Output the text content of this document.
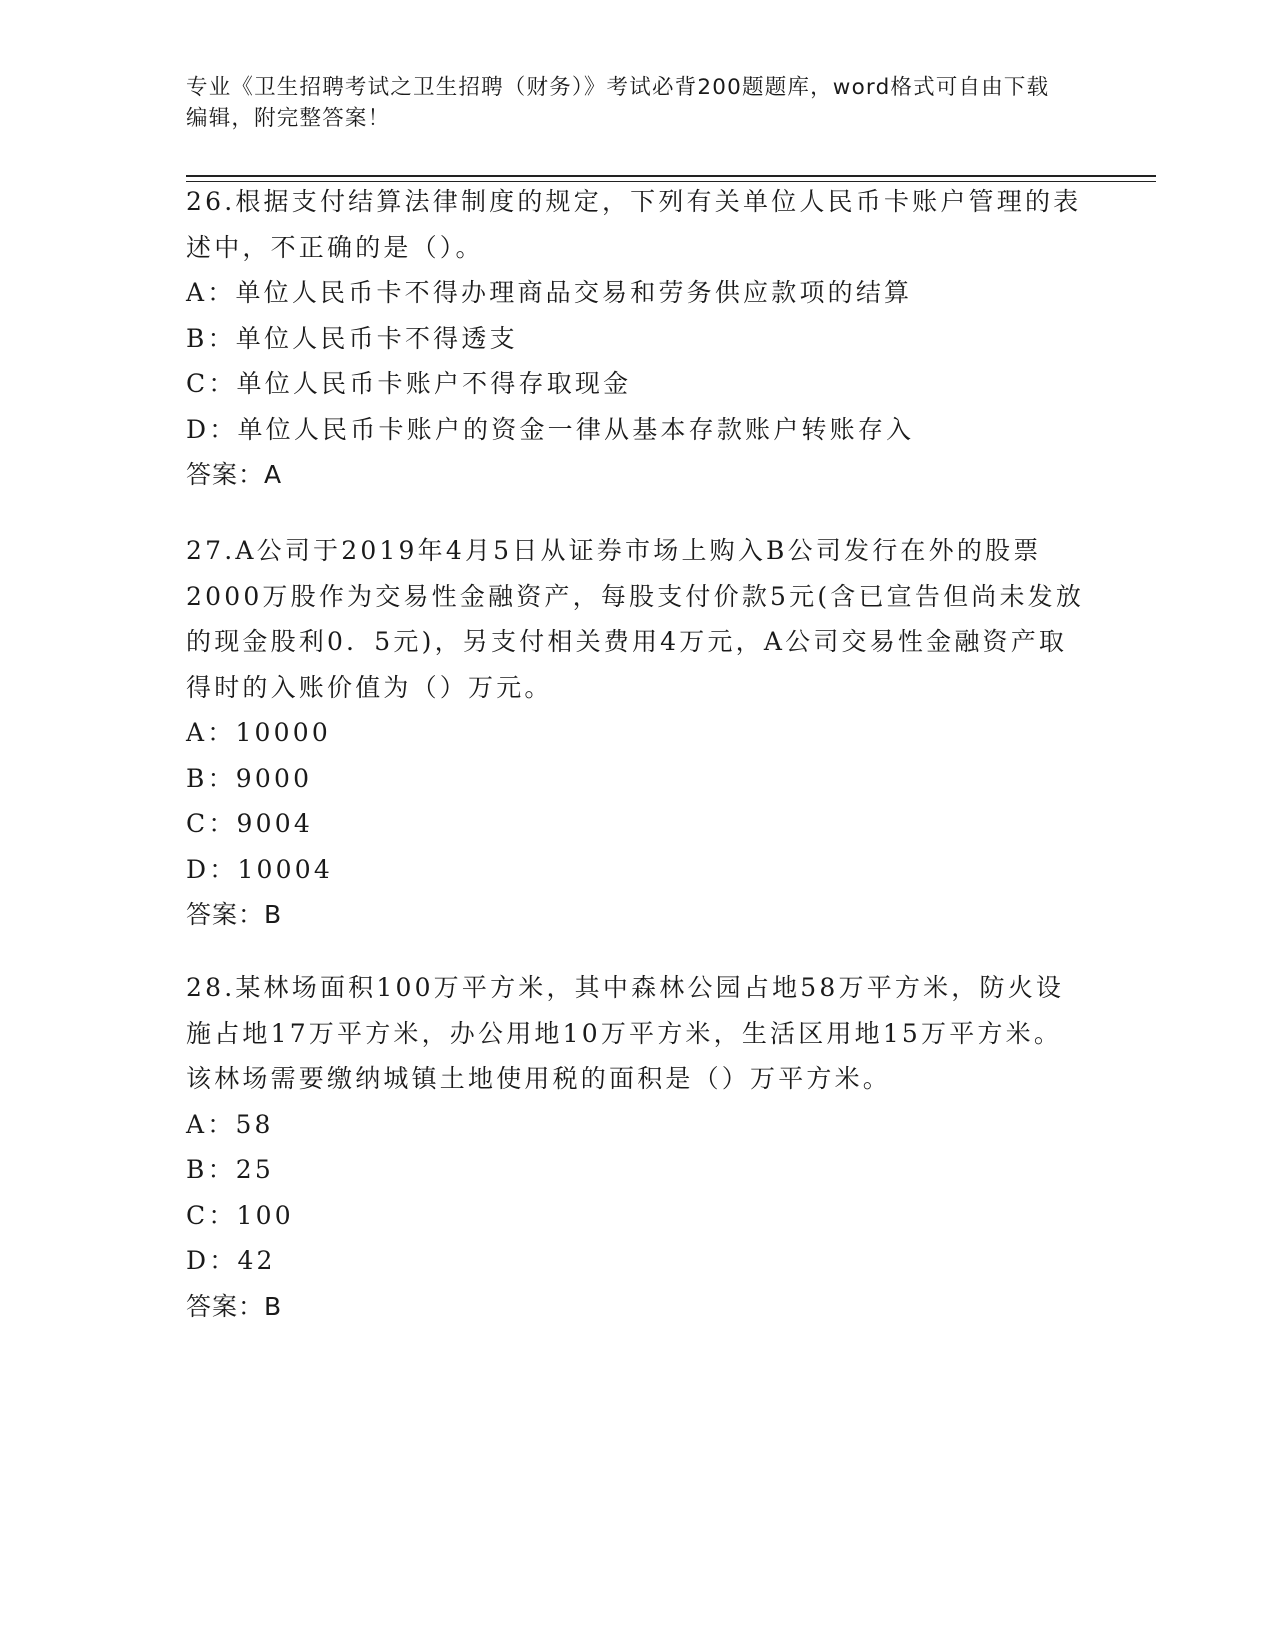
专业《卫生招聘考试之卫生招聘（财务）》考试必背200题题库，word格式可自由下载编辑，附完整答案！

26.根据支付结算法律制度的规定，下列有关单位人民币卡账户管理的表述中，不正确的是（）。

A：单位人民币卡不得办理商品交易和劳务供应款项的结算

B：单位人民币卡不得透支

C：单位人民币卡账户不得存取现金

D：单位人民币卡账户的资金一律从基本存款账户转账存入

答案：A

27.A公司于2019年4月5日从证券市场上购入B公司发行在外的股票2000万股作为交易性金融资产，每股支付价款5元(含已宣告但尚未发放的现金股利0．5元)，另支付相关费用4万元，A公司交易性金融资产取得时的入账价值为（）万元。

A：10000

B：9000

C：9004

D：10004

答案：B

28.某林场面积100万平方米，其中森林公园占地58万平方米，防火设施占地17万平方米，办公用地10万平方米，生活区用地15万平方米。该林场需要缴纳城镇土地使用税的面积是（）万平方米。

A：58

B：25

C：100

D：42

答案：B
